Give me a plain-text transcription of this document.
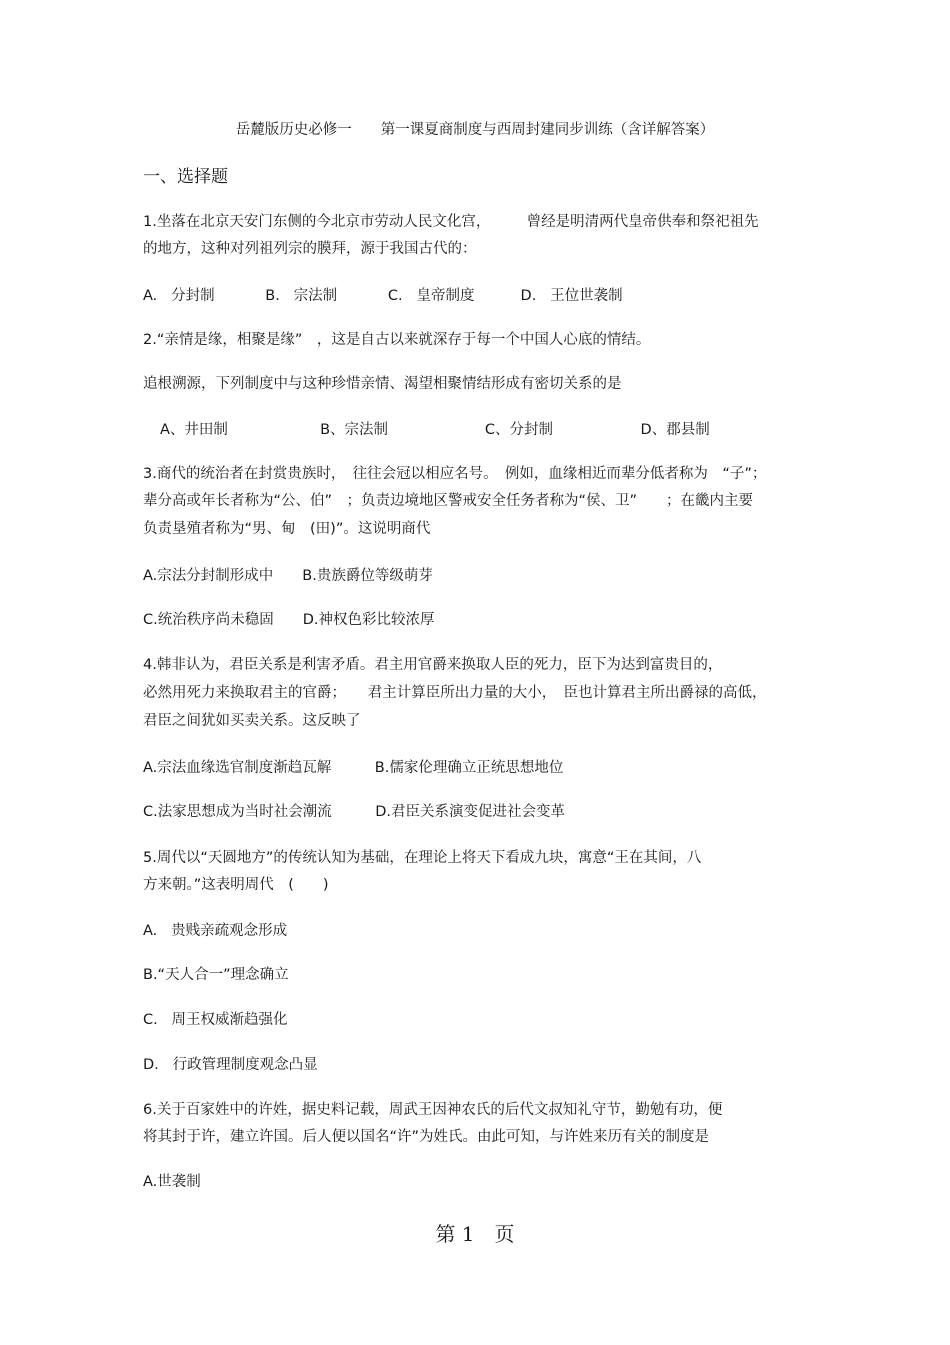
岳麓版历史必修一　　第一课夏商制度与西周封建同步训练（含详解答案）
一、选择题
1.坐落在北京天安门东侧的今北京市劳动人民文化宫，　　　曾经是明清两代皇帝供奉和祭祀祖先
的地方，这种对列祖列宗的膜拜，源于我国古代的：
A.   分封制           B.   宗法制           C.   皇帝制度          D.   王位世袭制
2.“亲情是缘，相聚是缘”　，这是自古以来就深存于每一个中国人心底的情结。
追根溯源，下列制度中与这种珍惜亲情、渴望相聚情结形成有密切关系的是
A、井田制                    B、宗法制                     C、分封制                   D、郡县制
3.商代的统治者在封赏贵族时，　往往会冠以相应名号。　例如，血缘相近而辈分低者称为　“子”；
辈分高或年长者称为“公、伯”　；负责边境地区警戒安全任务者称为“侯、卫”　　；在畿内主要
负责垦殖者称为“男、甸　(田)”。这说明商代
A.宗法分封制形成中　　B.贵族爵位等级萌芽
C.统治秩序尚未稳固　　D.神权色彩比较浓厚
4.韩非认为，君臣关系是利害矛盾。君主用官爵来换取人臣的死力，臣下为达到富贵目的，
必然用死力来换取君主的官爵；　　君主计算臣所出力量的大小，　臣也计算君主所出爵禄的高低，
君臣之间犹如买卖关系。这反映了
A.宗法血缘选官制度渐趋瓦解　　　B.儒家伦理确立正统思想地位
C.法家思想成为当时社会潮流　　　D.君臣关系演变促进社会变革
5.周代以“天圆地方”的传统认知为基础，在理论上将天下看成九块，寓意“王在其间，八
方来朝。”这表明周代　(　　)
A.   贵贱亲疏观念形成
B.“天人合一”理念确立
C.   周王权威渐趋强化
D.   行政管理制度观念凸显
6.关于百家姓中的许姓，据史料记载，周武王因神农氏的后代文叔知礼守节，勤勉有功，便
将其封于许，建立许国。后人便以国名“许”为姓氏。由此可知，与许姓来历有关的制度是
A.世袭制
第 1　页
